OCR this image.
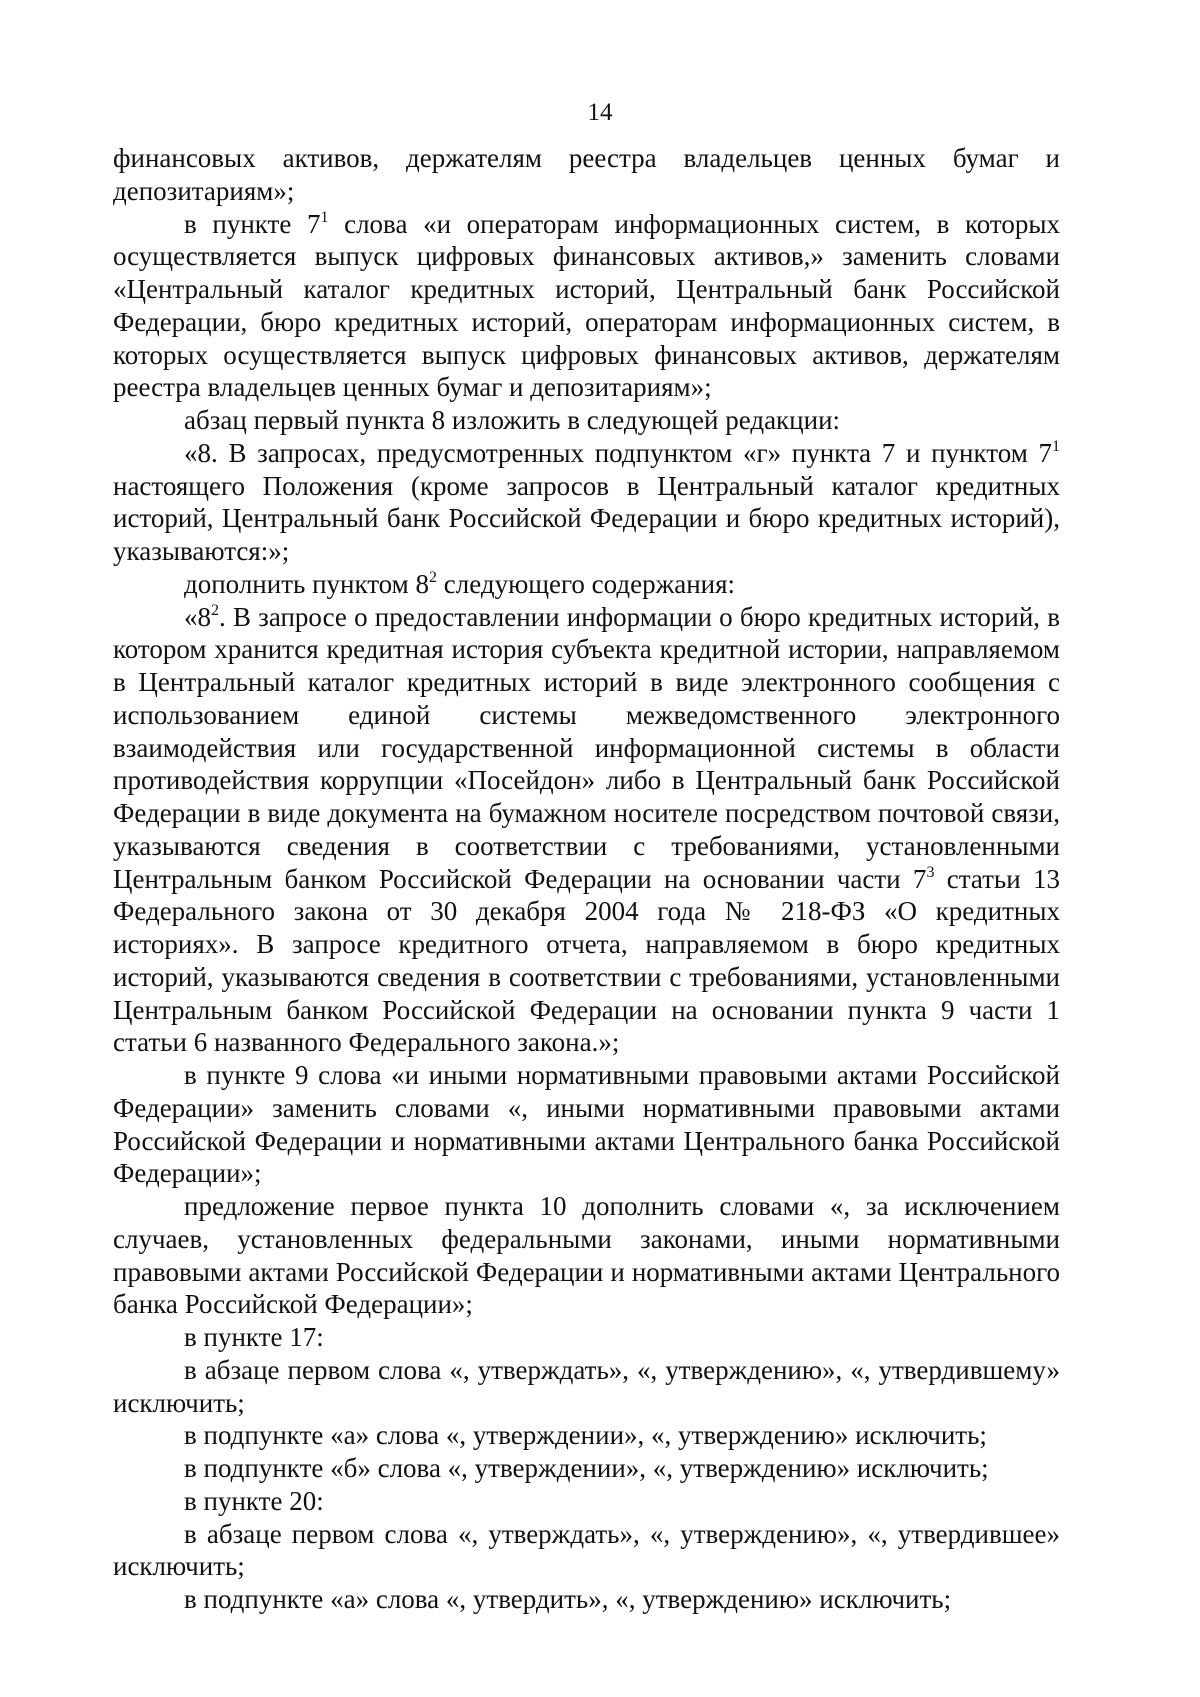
14

финансовых активов, держателям реестра владельцев ценных бумаг и депозитариям»;

в пункте $7^1$ слова «и операторам информационных систем, в которых осуществляется выпуск цифровых финансовых активов,» заменить словами «Центральный каталог кредитных историй, Центральный банк Российской Федерации, бюро кредитных историй, операторам информационных систем, в которых осуществляется выпуск цифровых финансовых активов, держателям реестра владельцев ценных бумаг и депозитариям»;

абзац первый пункта 8 изложить в следующей редакции:

«8. В запросах, предусмотренных подпунктом «г» пункта 7 и пунктом $7^1$ настоящего Положения (кроме запросов в Центральный каталог кредитных историй, Центральный банк Российской Федерации и бюро кредитных историй), указываются:»;

дополнить пунктом $8^2$ следующего содержания:

«$8^2$. В запросе о предоставлении информации о бюро кредитных историй, в котором хранится кредитная история субъекта кредитной истории, направляемом в Центральный каталог кредитных историй в виде электронного сообщения с использованием единой системы межведомственного электронного взаимодействия или государственной информационной системы в области противодействия коррупции «Посейдон» либо в Центральный банк Российской Федерации в виде документа на бумажном носителе посредством почтовой связи, указываются сведения в соответствии с требованиями, установленными Центральным банком Российской Федерации на основании части $7^3$ статьи 13 Федерального закона от 30 декабря 2004 года № 218-ФЗ «О кредитных историях». В запросе кредитного отчета, направляемом в бюро кредитных историй, указываются сведения в соответствии с требованиями, установленными Центральным банком Российской Федерации на основании пункта 9 части 1 статьи 6 названного Федерального закона.»;

в пункте 9 слова «и иными нормативными правовыми актами Российской Федерации» заменить словами «, иными нормативными правовыми актами Российской Федерации и нормативными актами Центрального банка Российской Федерации»;

предложение первое пункта 10 дополнить словами «, за исключением случаев, установленных федеральными законами, иными нормативными правовыми актами Российской Федерации и нормативными актами Центрального банка Российской Федерации»;

в пункте 17:

в абзаце первом слова «, утверждать», «, утверждению», «, утвердившему» исключить;

в подпункте «а» слова «, утверждении», «, утверждению» исключить;

в подпункте «б» слова «, утверждении», «, утверждению» исключить;

в пункте 20:

в абзаце первом слова «, утверждать», «, утверждению», «, утвердившее» исключить;

в подпункте «а» слова «, утвердить», «, утверждению» исключить;
